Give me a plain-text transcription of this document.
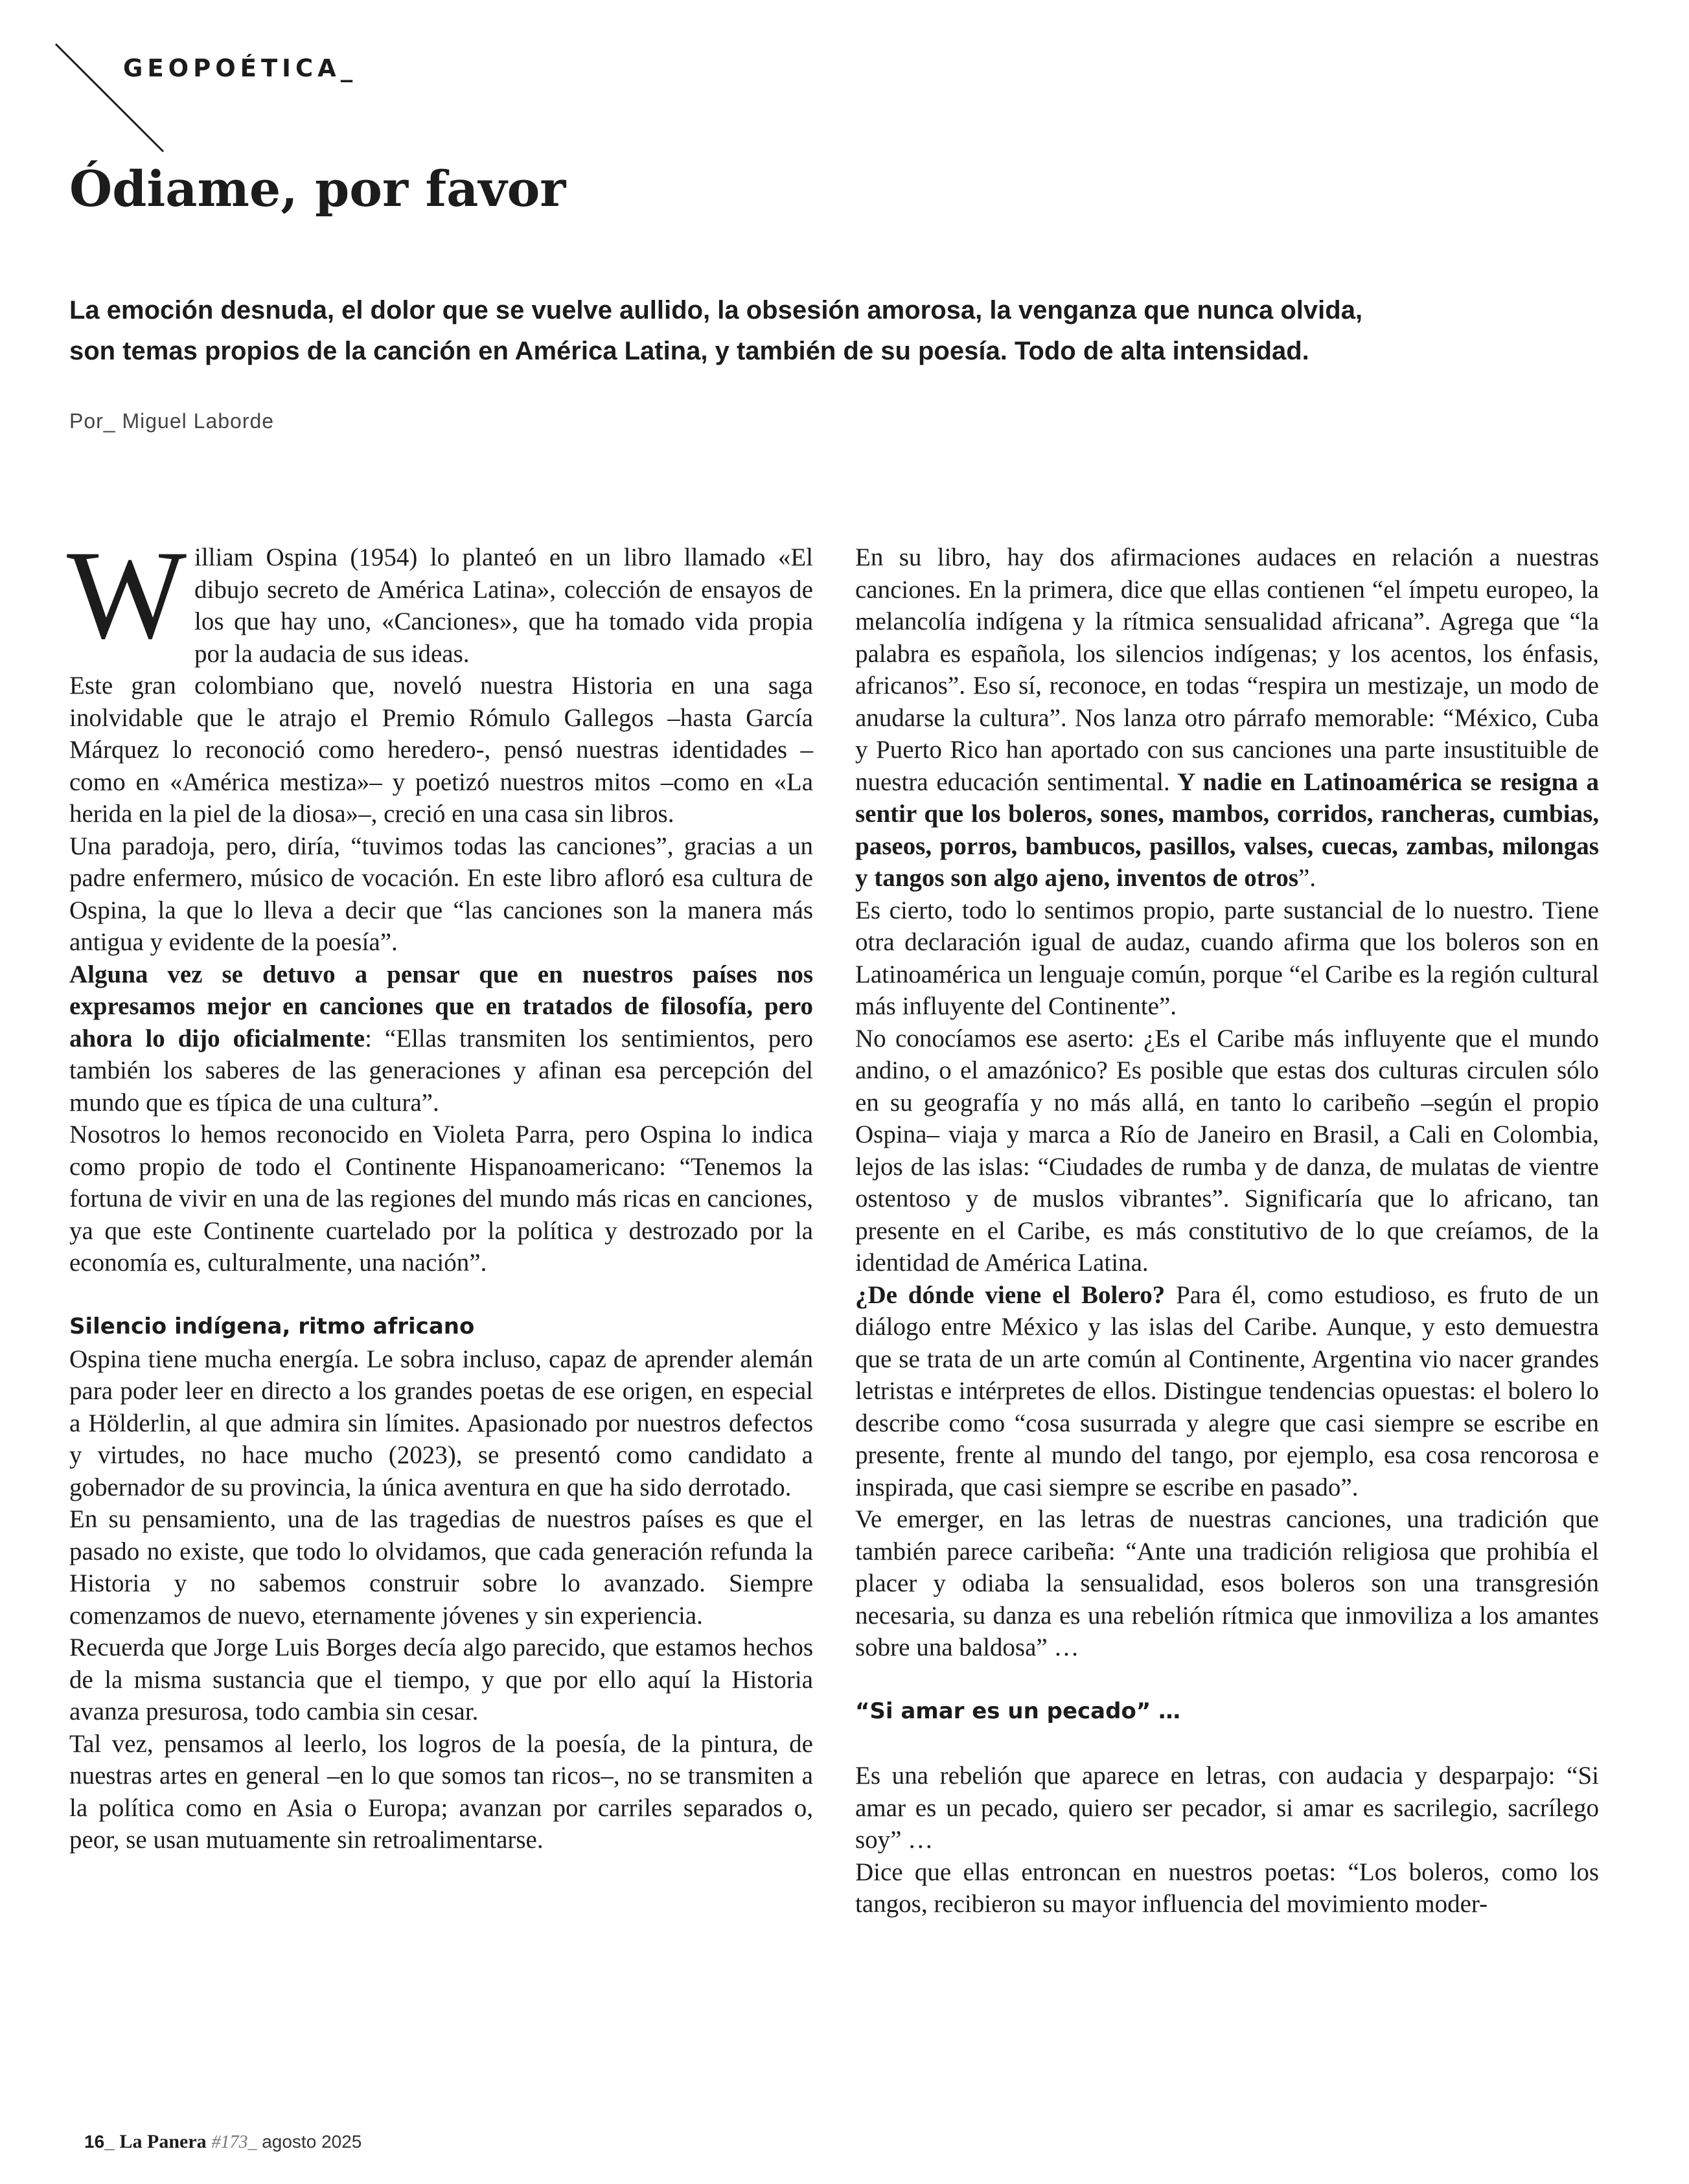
GEOPOÉTICA_
Ódiame, por favor
La emoción desnuda, el dolor que se vuelve aullido, la obsesión amorosa, la venganza que nunca olvida,
son temas propios de la canción en América Latina, y también de su poesía. Todo de alta intensidad.
Por_ Miguel Laborde

William Ospina (1954) lo planteó en un libro llamado «El dibujo secreto de América Latina», colección de ensayos de los que hay uno, «Canciones», que ha tomado vida propia por la audacia de sus ideas.

Este gran colombiano que, noveló nuestra Historia en una saga inolvidable que le atrajo el Premio Rómulo Gallegos –hasta García Márquez lo reconoció como heredero-, pensó nuestras identidades –como en «América mestiza»– y poetizó nuestros mitos –como en «La herida en la piel de la diosa»–, creció en una casa sin libros.

Una paradoja, pero, diría, “tuvimos todas las canciones”, gracias a un padre enfermero, músico de vocación. En este libro afloró esa cultura de Ospina, la que lo lleva a decir que “las canciones son la manera más antigua y evidente de la poesía”.

Alguna vez se detuvo a pensar que en nuestros países nos expresamos mejor en canciones que en tratados de filosofía, pero ahora lo dijo oficialmente: “Ellas transmiten los sentimientos, pero también los saberes de las generaciones y afinan esa percepción del mundo que es típica de una cultura”.

Nosotros lo hemos reconocido en Violeta Parra, pero Ospina lo indica como propio de todo el Continente Hispanoamericano: “Tenemos la fortuna de vivir en una de las regiones del mundo más ricas en canciones, ya que este Continente cuartelado por la política y destrozado por la economía es, culturalmente, una nación”.

Silencio indígena, ritmo africano

Ospina tiene mucha energía. Le sobra incluso, capaz de aprender alemán para poder leer en directo a los grandes poetas de ese origen, en especial a Hölderlin, al que admira sin límites. Apasionado por nuestros defectos y virtudes, no hace mucho (2023), se presentó como candidato a gobernador de su provincia, la única aventura en que ha sido derrotado.

En su pensamiento, una de las tragedias de nuestros países es que el pasado no existe, que todo lo olvidamos, que cada generación refunda la Historia y no sabemos construir sobre lo avanzado. Siempre comenzamos de nuevo, eternamente jóvenes y sin experiencia.

Recuerda que Jorge Luis Borges decía algo parecido, que estamos hechos de la misma sustancia que el tiempo, y que por ello aquí la Historia avanza presurosa, todo cambia sin cesar.

Tal vez, pensamos al leerlo, los logros de la poesía, de la pintura, de nuestras artes en general –en lo que somos tan ricos–, no se transmiten a la política como en Asia o Europa; avanzan por carriles separados o, peor, se usan mutuamente sin retroalimentarse.

En su libro, hay dos afirmaciones audaces en relación a nuestras canciones. En la primera, dice que ellas contienen “el ímpetu europeo, la melancolía indígena y la rítmica sensualidad africana”. Agrega que “la palabra es española, los silencios indígenas; y los acentos, los énfasis, africanos”. Eso sí, reconoce, en todas “respira un mestizaje, un modo de anudarse la cultura”. Nos lanza otro párrafo memorable: “México, Cuba y Puerto Rico han aportado con sus canciones una parte insustituible de nuestra educación sentimental. Y nadie en Latinoamérica se resigna a sentir que los boleros, sones, mambos, corridos, rancheras, cumbias, paseos, porros, bambucos, pasillos, valses, cuecas, zambas, milongas y tangos son algo ajeno, inventos de otros”.

Es cierto, todo lo sentimos propio, parte sustancial de lo nuestro. Tiene otra declaración igual de audaz, cuando afirma que los boleros son en Latinoamérica un lenguaje común, porque “el Caribe es la región cultural más influyente del Continente”.

No conocíamos ese aserto: ¿Es el Caribe más influyente que el mundo andino, o el amazónico? Es posible que estas dos culturas circulen sólo en su geografía y no más allá, en tanto lo caribeño –según el propio Ospina– viaja y marca a Río de Janeiro en Brasil, a Cali en Colombia, lejos de las islas: “Ciudades de rumba y de danza, de mulatas de vientre ostentoso y de muslos vibrantes”. Significaría que lo africano, tan presente en el Caribe, es más constitutivo de lo que creíamos, de la identidad de América Latina.

¿De dónde viene el Bolero? Para él, como estudioso, es fruto de un diálogo entre México y las islas del Caribe. Aunque, y esto demuestra que se trata de un arte común al Continente, Argentina vio nacer grandes letristas e intérpretes de ellos. Distingue tendencias opuestas: el bolero lo describe como “cosa susurrada y alegre que casi siempre se escribe en presente, frente al mundo del tango, por ejemplo, esa cosa rencorosa e inspirada, que casi siempre se escribe en pasado”.

Ve emerger, en las letras de nuestras canciones, una tradición que también parece caribeña: “Ante una tradición religiosa que prohibía el placer y odiaba la sensualidad, esos boleros son una transgresión necesaria, su danza es una rebelión rítmica que inmoviliza a los amantes sobre una baldosa” …

“Si amar es un pecado” …

Es una rebelión que aparece en letras, con audacia y desparpajo: “Si amar es un pecado, quiero ser pecador, si amar es sacrilegio, sacrílego soy” …

Dice que ellas entroncan en nuestros poetas: “Los boleros, como los tangos, recibieron su mayor influencia del movimiento moder-

16_ La Panera #173_ agosto 2025
